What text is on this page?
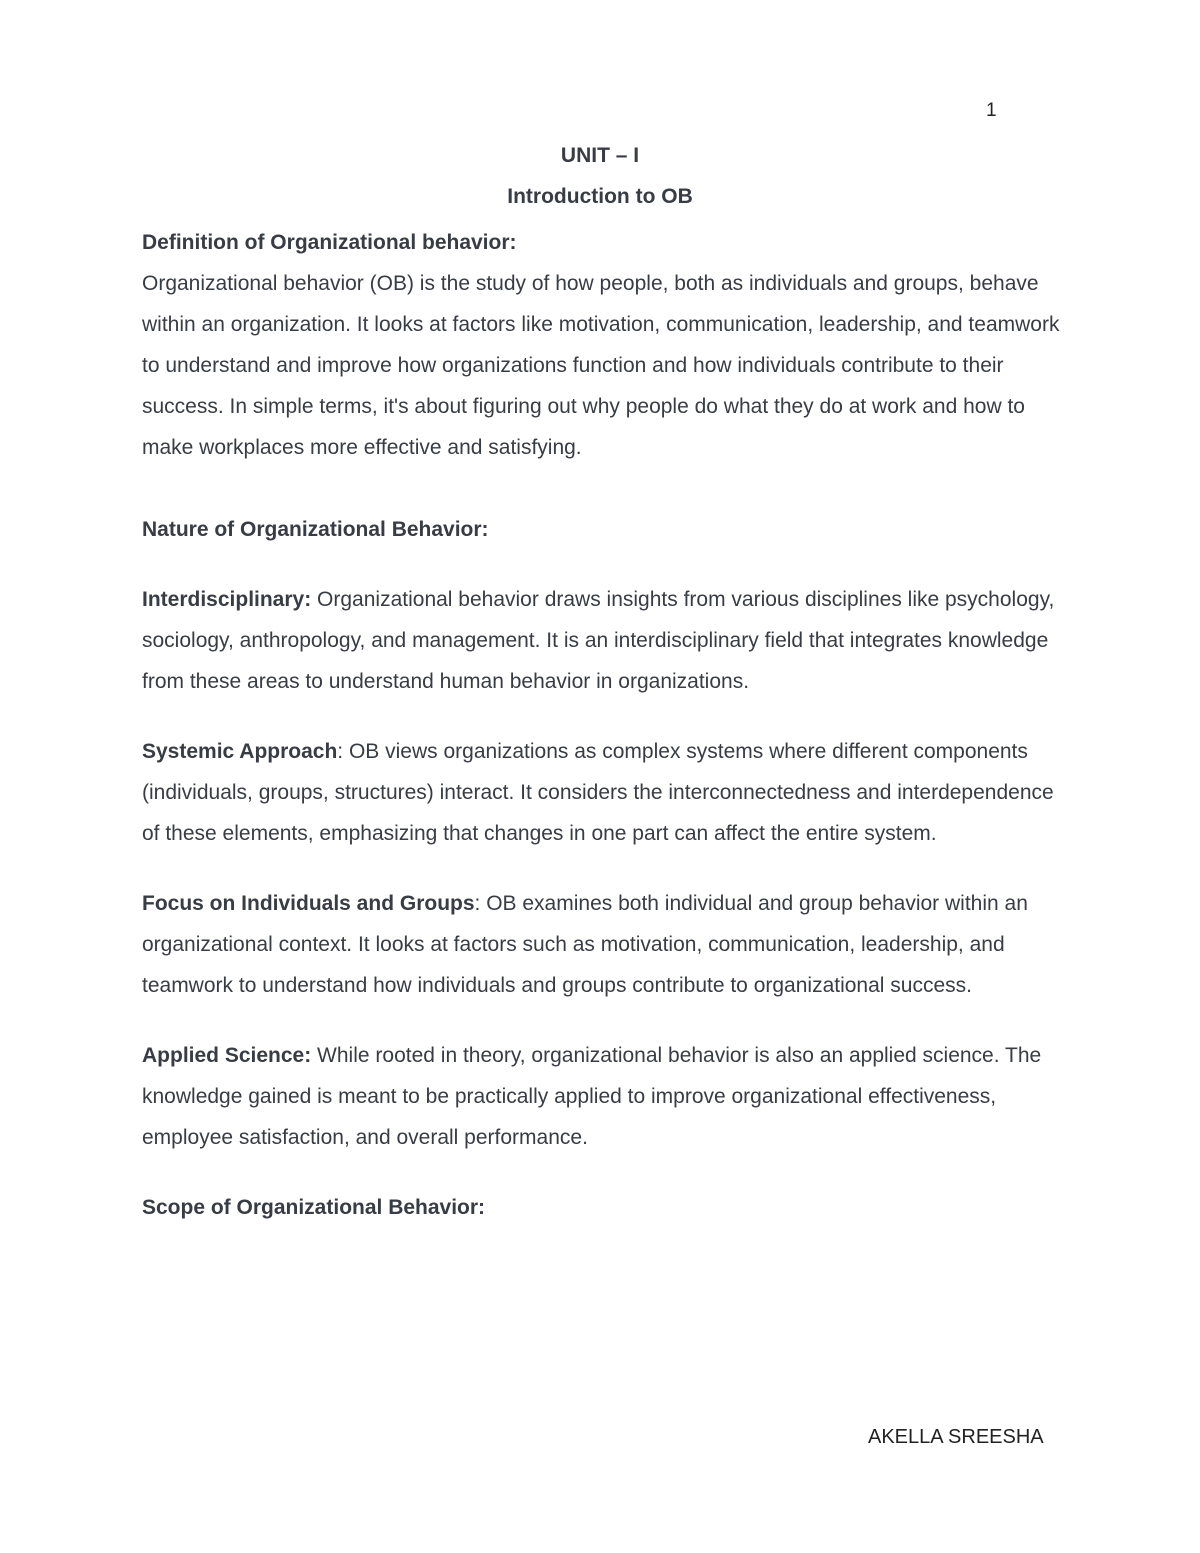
1
UNIT – I
Introduction to OB

Definition of Organizational behavior:

Organizational behavior (OB) is the study of how people, both as individuals and groups, behave within an organization. It looks at factors like motivation, communication, leadership, and teamwork to understand and improve how organizations function and how individuals contribute to their success. In simple terms, it's about figuring out why people do what they do at work and how to make workplaces more effective and satisfying.

Nature of Organizational Behavior:

Interdisciplinary: Organizational behavior draws insights from various disciplines like psychology, sociology, anthropology, and management. It is an interdisciplinary field that integrates knowledge from these areas to understand human behavior in organizations.

Systemic Approach: OB views organizations as complex systems where different components (individuals, groups, structures) interact. It considers the interconnectedness and interdependence of these elements, emphasizing that changes in one part can affect the entire system.

Focus on Individuals and Groups: OB examines both individual and group behavior within an organizational context. It looks at factors such as motivation, communication, leadership, and teamwork to understand how individuals and groups contribute to organizational success.

Applied Science: While rooted in theory, organizational behavior is also an applied science. The knowledge gained is meant to be practically applied to improve organizational effectiveness, employee satisfaction, and overall performance.

Scope of Organizational Behavior:

AKELLA SREESHA
